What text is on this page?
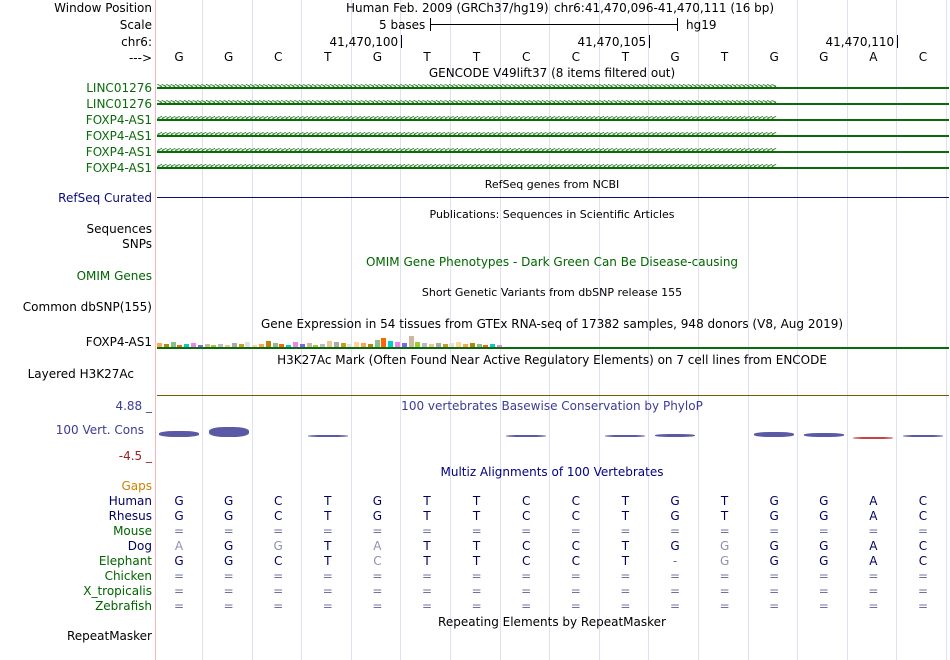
Window Position	Human Feb. 2009 (GRCh37/hg19) chr6:41,470,096-41,470,111 (16 bp)
Scale	5 bases	hg19
chr6:	41,470,100	41,470,105	41,470,110
---> G	G	C	T	G	T	T	C	C	T	G	T	G	G	A	C
GENCODE V49lift37 (8 items filtered out)
LINC01276 >>>>>>>>>>>>>>>>>>>>>>>>>>>>>>>>>>>>>>>>>>>>>>>>>>>>>>>>>>>>>>>>>>>>>>>>>>>>>>>>>>>>>>>>>>>>>>>>>>>>>>>>>>>>>>>>>>>>>>>>>>>>>>>>>>>>>>>>>>>>
LINC01276 >>>>>>>>>>>>>>>>>>>>>>>>>>>>>>>>>>>>>>>>>>>>>>>>>>>>>>>>>>>>>>>>>>>>>>>>>>>>>>>>>>>>>>>>>>>>>>>>>>>>>>>>>>>>>>>>>>>>>>>>>>>>>>>>>>>>>>>>>>>>
FOXP4-AS1 <<<<<<<<<<<<<<<<<<<<<<<<<<<<<<<<<<<<<<<<<<<<<<<<<<<<<<<<<<<<<<<<<<<<<<<<<<<<<<<<<<<<<<<<<<<<<<<<<<<<<<<<<<<<<<<<<<<<<<<<<<<<<<<<<<<<<<<<<<<<
FOXP4-AS1 <<<<<<<<<<<<<<<<<<<<<<<<<<<<<<<<<<<<<<<<<<<<<<<<<<<<<<<<<<<<<<<<<<<<<<<<<<<<<<<<<<<<<<<<<<<<<<<<<<<<<<<<<<<<<<<<<<<<<<<<<<<<<<<<<<<<<<<<<<<<
FOXP4-AS1 <<<<<<<<<<<<<<<<<<<<<<<<<<<<<<<<<<<<<<<<<<<<<<<<<<<<<<<<<<<<<<<<<<<<<<<<<<<<<<<<<<<<<<<<<<<<<<<<<<<<<<<<<<<<<<<<<<<<<<<<<<<<<<<<<<<<<<<<<<<<
FOXP4-AS1 <<<<<<<<<<<<<<<<<<<<<<<<<<<<<<<<<<<<<<<<<<<<<<<<<<<<<<<<<<<<<<<<<<<<<<<<<<<<<<<<<<<<<<<<<<<<<<<<<<<<<<<<<<<<<<<<<<<<<<<<<<<<<<<<<<<<<<<<<<<<
RefSeq genes from NCBI
RefSeq Curated
Publications: Sequences in Scientific Articles
Sequences
SNPs
OMIM Gene Phenotypes - Dark Green Can Be Disease-causing
OMIM Genes
Short Genetic Variants from dbSNP release 155
Common dbSNP(155)
Gene Expression in 54 tissues from GTEx RNA-seq of 17382 samples, 948 donors (V8, Aug 2019)
FOXP4-AS1
H3K27Ac Mark (Often Found Near Active Regulatory Elements) on 7 cell lines from ENCODE
Layered H3K27Ac
100 vertebrates Basewise Conservation by PhyloP
4.88 _
100 Vert. Cons
-4.5 _
Multiz Alignments of 100 Vertebrates
Gaps
Human G	G	C	T	G	T	T	C	C	T	G	T	G	G	A	C
Rhesus G	G	C	T	G	T	T	C	C	T	G	T	G	G	A	C
Mouse =	=	=	=	=	=	=	=	=	=	=	=	=	=	=	=
Dog A	G	G	T	A	T	T	C	C	T	G	G	G	G	A	C
Elephant G	G	C	T	C	T	T	C	C	T	-	G	G	G	A	C
Chicken =	=	=	=	=	=	=	=	=	=	=	=	=	=	=	=
X_tropicalis =	=	=	=	=	=	=	=	=	=	=	=	=	=	=	=
Zebrafish =	=	=	=	=	=	=	=	=	=	=	=	=	=	=	=
Repeating Elements by RepeatMasker
RepeatMasker
